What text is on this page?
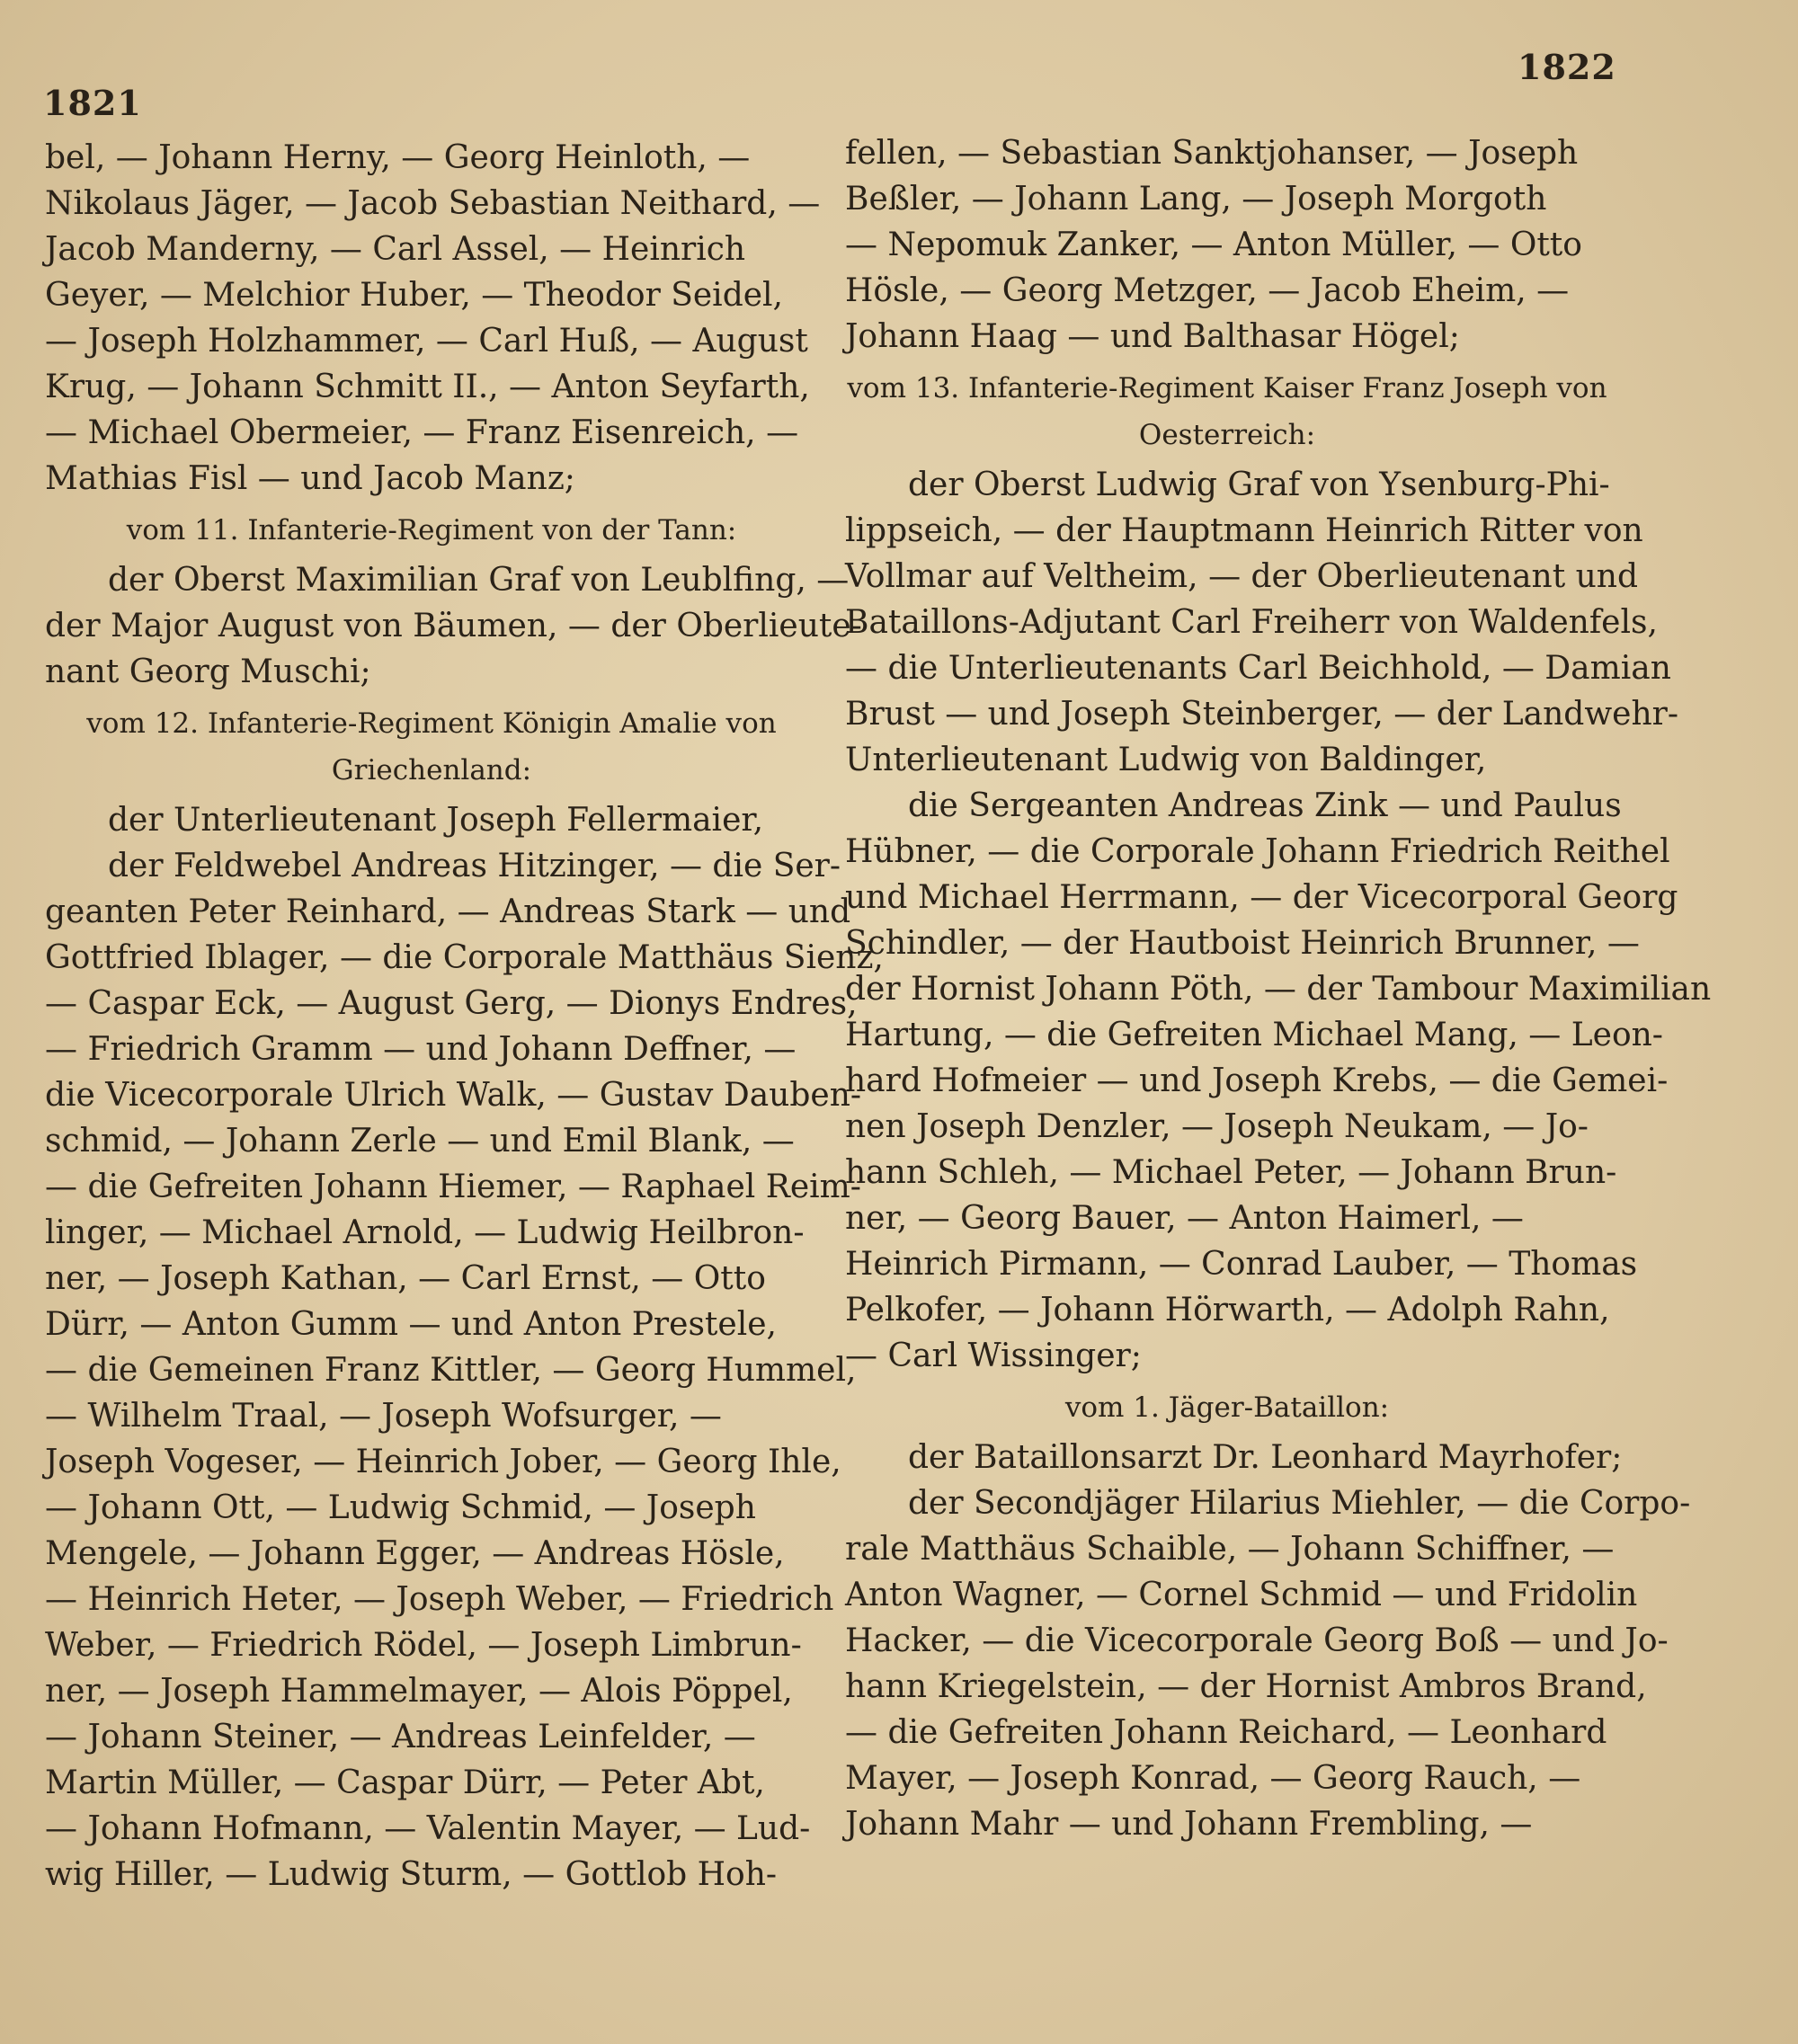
1821
1822
bel, — Johann Herny, — Georg Heinloth, —
Nikolaus Jäger, — Jacob Sebastian Neithard, —
Jacob Manderny, — Carl Assel, — Heinrich
Geyer, — Melchior Huber, — Theodor Seidel,
— Joseph Holzhammer, — Carl Huß, — August
Krug, — Johann Schmitt II., — Anton Seyfarth,
— Michael Obermeier, — Franz Eisenreich, —
Mathias Fisl — und Jacob Manz;
vom 11. Infanterie-Regiment von der Tann:
der Oberst Maximilian Graf von Leublfing, —
der Major August von Bäumen, — der Oberlieute-
nant Georg Muschi;
vom 12. Infanterie-Regiment Königin Amalie von Griechenland:
der Unterlieutenant Joseph Fellermaier,
der Feldwebel Andreas Hitzinger, — die Ser-
geanten Peter Reinhard, — Andreas Stark — und
Gottfried Iblager, — die Corporale Matthäus Sienz,
— Caspar Eck, — August Gerg, — Dionys Endres,
— Friedrich Gramm — und Johann Deffner, —
die Vicecorporale Ulrich Walk, — Gustav Dauben-
schmid, — Johann Zerle — und Emil Blank, —
— die Gefreiten Johann Hiemer, — Raphael Reim-
linger, — Michael Arnold, — Ludwig Heilbron-
ner, — Joseph Kathan, — Carl Ernst, — Otto
Dürr, — Anton Gumm — und Anton Prestele,
— die Gemeinen Franz Kittler, — Georg Hummel,
— Wilhelm Traal, — Joseph Wofsurger, —
Joseph Vogeser, — Heinrich Jober, — Georg Ihle,
— Johann Ott, — Ludwig Schmid, — Joseph
Mengele, — Johann Egger, — Andreas Hösle,
— Heinrich Heter, — Joseph Weber, — Friedrich
Weber, — Friedrich Rödel, — Joseph Limbrun-
ner, — Joseph Hammelmayer, — Alois Pöppel,
— Johann Steiner, — Andreas Leinfelder, —
Martin Müller, — Caspar Dürr, — Peter Abt,
— Johann Hofmann, — Valentin Mayer, — Lud-
wig Hiller, — Ludwig Sturm, — Gottlob Hoh-
fellen, — Sebastian Sanktjohanser, — Joseph
Beßler, — Johann Lang, — Joseph Morgoth
— Nepomuk Zanker, — Anton Müller, — Otto
Hösle, — Georg Metzger, — Jacob Eheim, —
Johann Haag — und Balthasar Högel;
vom 13. Infanterie-Regiment Kaiser Franz Joseph von
Oesterreich:
der Oberst Ludwig Graf von Ysenburg-Phi-
lippseich, — der Hauptmann Heinrich Ritter von
Vollmar auf Veltheim, — der Oberlieutenant und
Bataillons-Adjutant Carl Freiherr von Waldenfels,
— die Unterlieutenants Carl Beichhold, — Damian
Brust — und Joseph Steinberger, — der Landwehr-
Unterlieutenant Ludwig von Baldinger,
die Sergeanten Andreas Zink — und Paulus
Hübner, — die Corporale Johann Friedrich Reithel
und Michael Herrmann, — der Vicecorporal Georg
Schindler, — der Hautboist Heinrich Brunner, —
der Hornist Johann Pöth, — der Tambour Maximilian
Hartung, — die Gefreiten Michael Mang, — Leon-
hard Hofmeier — und Joseph Krebs, — die Gemei-
nen Joseph Denzler, — Joseph Neukam, — Jo-
hann Schleh, — Michael Peter, — Johann Brun-
ner, — Georg Bauer, — Anton Haimerl, —
Heinrich Pirmann, — Conrad Lauber, — Thomas
Pelkofer, — Johann Hörwarth, — Adolph Rahn,
— Carl Wissinger;
vom 1. Jäger-Bataillon:
der Bataillonsarzt Dr. Leonhard Mayrhofer;
der Secondjäger Hilarius Miehler, — die Corpo-
rale Matthäus Schaible, — Johann Schiffner, —
Anton Wagner, — Cornel Schmid — und Fridolin
Hacker, — die Vicecorporale Georg Boß — und Jo-
hann Kriegelstein, — der Hornist Ambros Brand,
— die Gefreiten Johann Reichard, — Leonhard
Mayer, — Joseph Konrad, — Georg Rauch, —
Johann Mahr — und Johann Frembling, —
